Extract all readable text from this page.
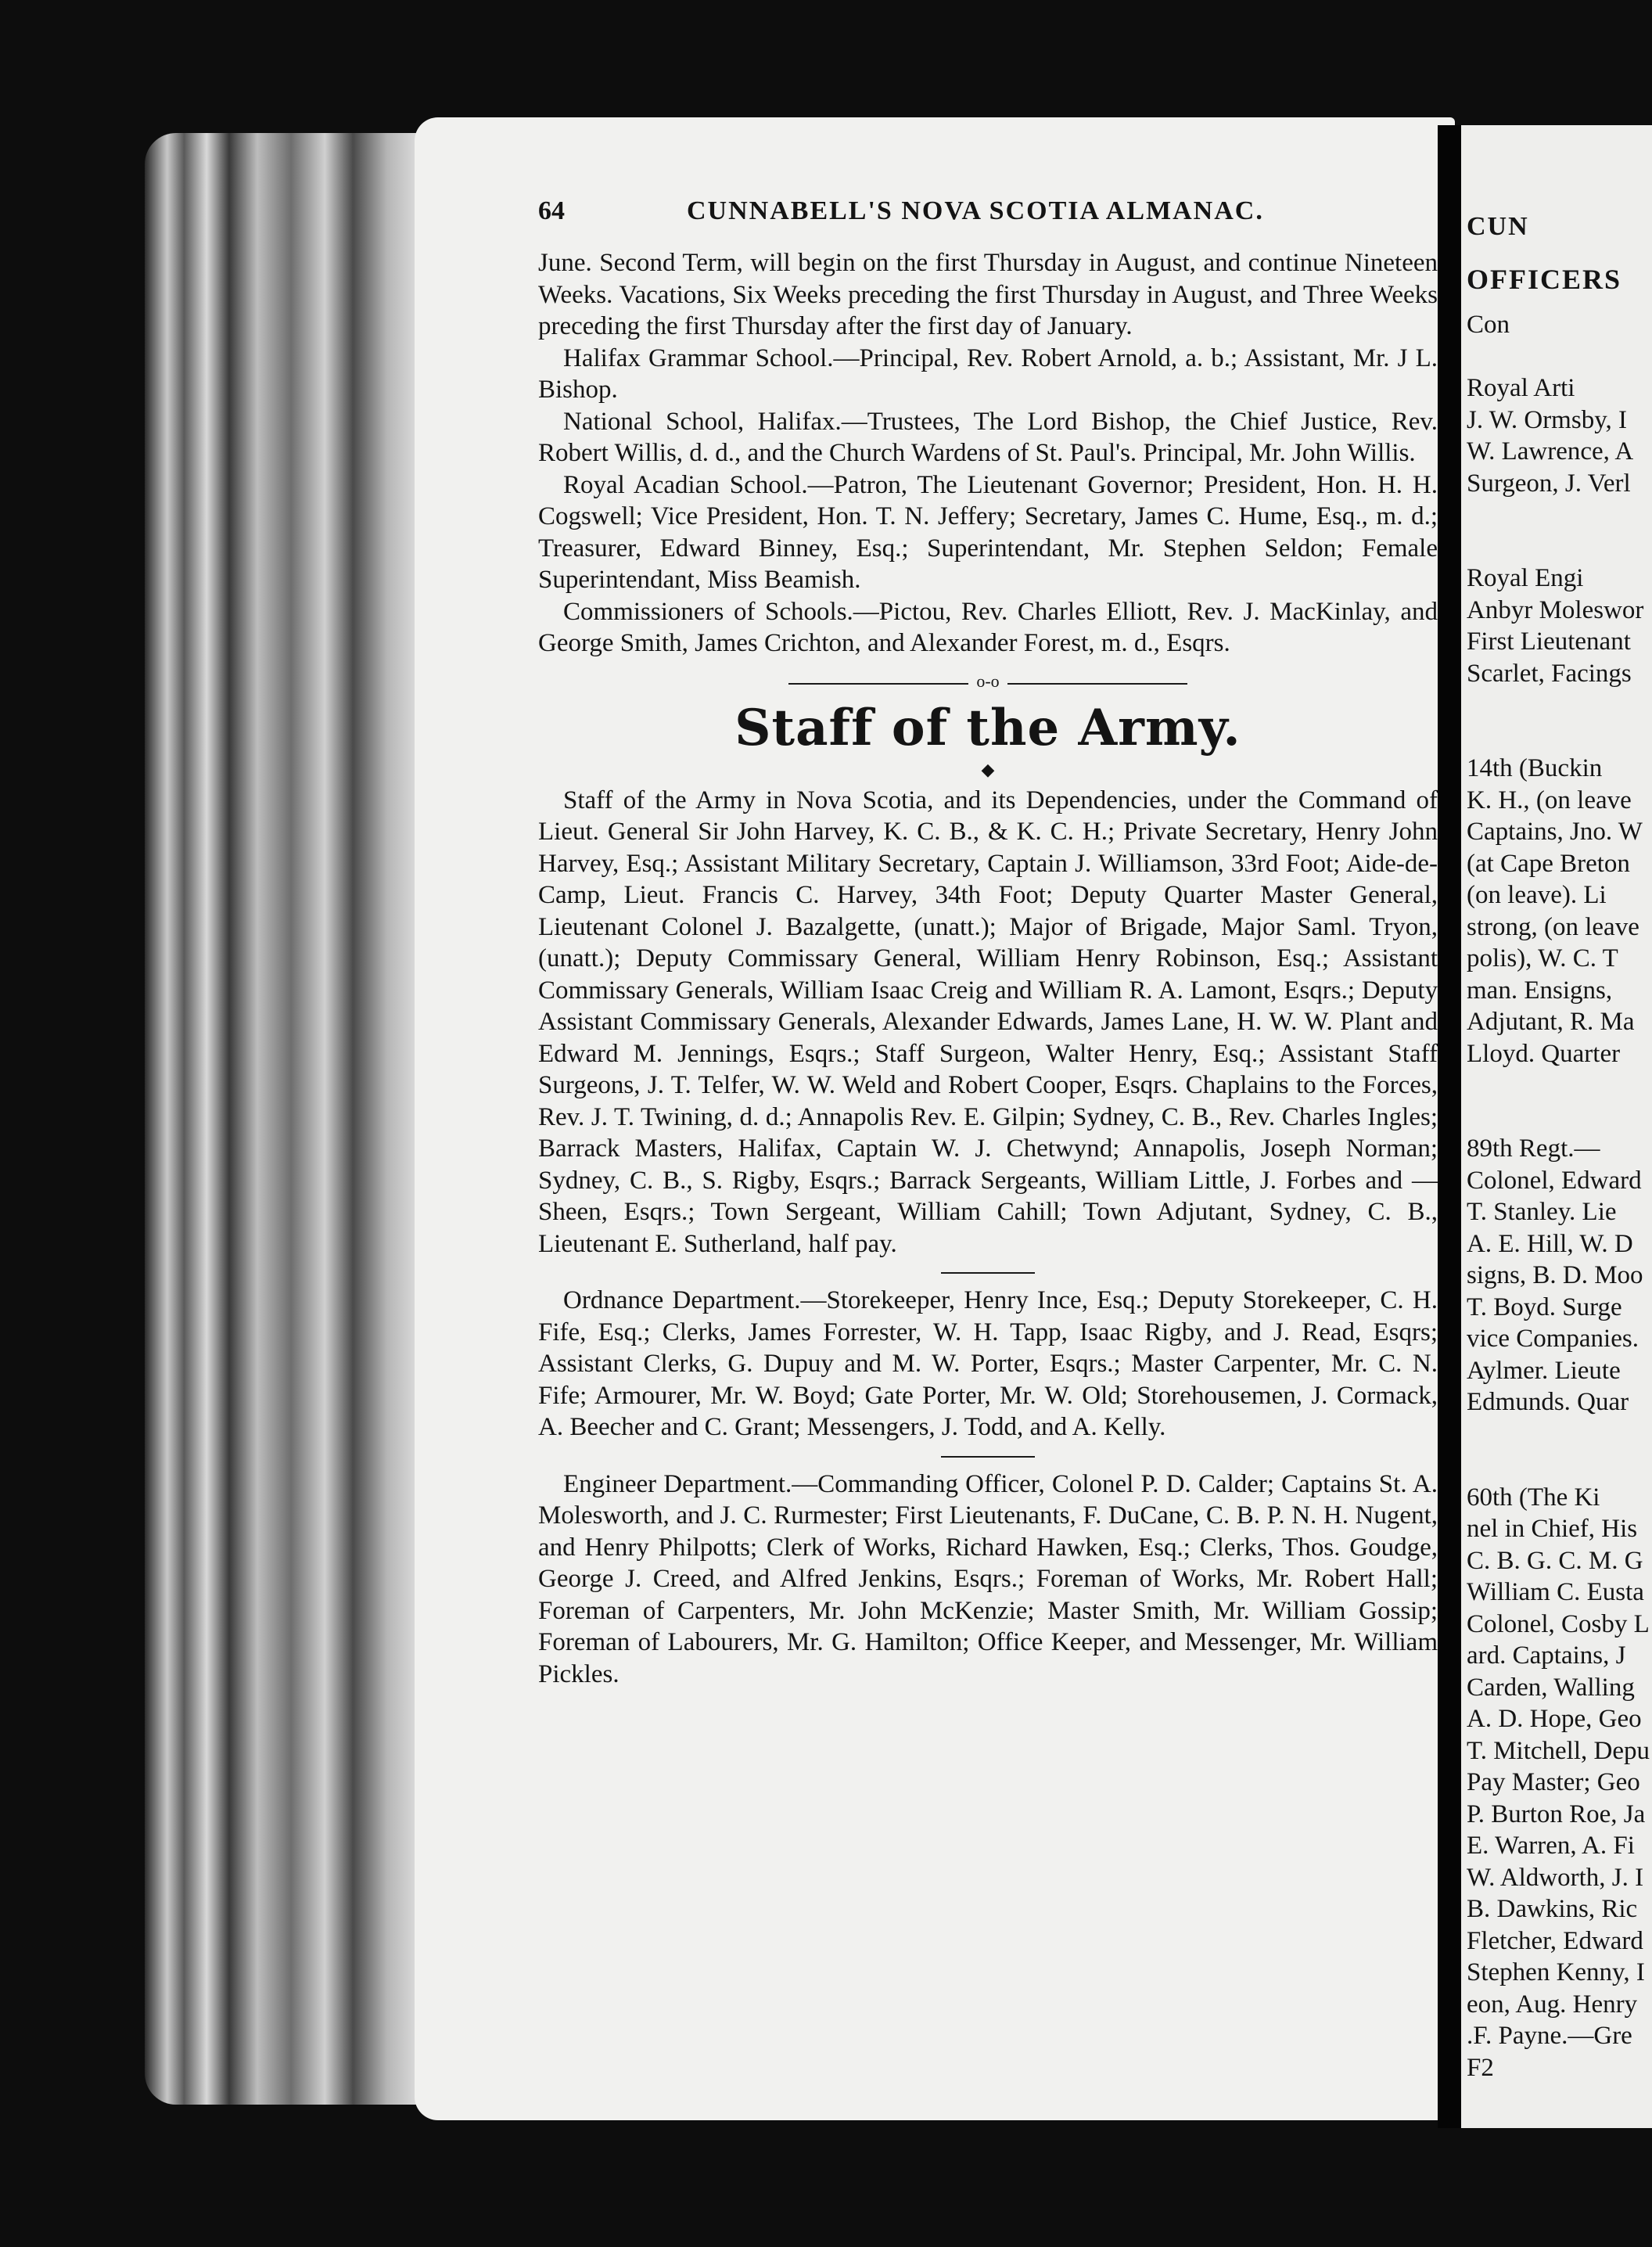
64	CUNNABELL'S NOVA SCOTIA ALMANAC.

June. Second Term, will begin on the first Thursday in August, and continue Nineteen Weeks. Vacations, Six Weeks preceding the first Thursday in August, and Three Weeks preceding the first Thursday after the first day of January.

Halifax Grammar School.—Principal, Rev. Robert Arnold, a. b.; Assistant, Mr. J L. Bishop.

National School, Halifax.—Trustees, The Lord Bishop, the Chief Justice, Rev. Robert Willis, d. d., and the Church Wardens of St. Paul's. Principal, Mr. John Willis.

Royal Acadian School.—Patron, The Lieutenant Governor; President, Hon. H. H. Cogswell; Vice President, Hon. T. N. Jeffery; Secretary, James C. Hume, Esq., m. d.; Treasurer, Edward Binney, Esq.; Superintendant, Mr. Stephen Seldon; Female Superintendant, Miss Beamish.

Commissioners of Schools.—Pictou, Rev. Charles Elliott, Rev. J. MacKinlay, and George Smith, James Crichton, and Alexander Forest, m. d., Esqrs.

o-o
Staff of the Army.
◆

Staff of the Army in Nova Scotia, and its Dependencies, under the Command of Lieut. General Sir John Harvey, K. C. B., & K. C. H.; Private Secretary, Henry John Harvey, Esq.; Assistant Military Secretary, Captain J. Williamson, 33rd Foot; Aide-de-Camp, Lieut. Francis C. Harvey, 34th Foot; Deputy Quarter Master General, Lieutenant Colonel J. Bazalgette, (unatt.); Major of Brigade, Major Saml. Tryon, (unatt.); Deputy Commissary General, William Henry Robinson, Esq.; Assistant Commissary Generals, William Isaac Creig and William R. A. Lamont, Esqrs.; Deputy Assistant Commissary Generals, Alexander Edwards, James Lane, H. W. W. Plant and Edward M. Jennings, Esqrs.; Staff Surgeon, Walter Henry, Esq.; Assistant Staff Surgeons, J. T. Telfer, W. W. Weld and Robert Cooper, Esqrs. Chaplains to the Forces, Rev. J. T. Twining, d. d.; Annapolis Rev. E. Gilpin; Sydney, C. B., Rev. Charles Ingles; Barrack Masters, Halifax, Captain W. J. Chetwynd; Annapolis, Joseph Norman; Sydney, C. B., S. Rigby, Esqrs.; Barrack Sergeants, William Little, J. Forbes and — Sheen, Esqrs.; Town Sergeant, William Cahill; Town Adjutant, Sydney, C. B., Lieutenant E. Sutherland, half pay.

Ordnance Department.—Storekeeper, Henry Ince, Esq.; Deputy Storekeeper, C. H. Fife, Esq.; Clerks, James Forrester, W. H. Tapp, Isaac Rigby, and J. Read, Esqrs; Assistant Clerks, G. Dupuy and M. W. Porter, Esqrs.; Master Carpenter, Mr. C. N. Fife; Armourer, Mr. W. Boyd; Gate Porter, Mr. W. Old; Storehousemen, J. Cormack, A. Beecher and C. Grant; Messengers, J. Todd, and A. Kelly.

Engineer Department.—Commanding Officer, Colonel P. D. Calder; Captains St. A. Molesworth, and J. C. Rurmester; First Lieutenants, F. DuCane, C. B. P. N. H. Nugent, and Henry Philpotts; Clerk of Works, Richard Hawken, Esq.; Clerks, Thos. Goudge, George J. Creed, and Alfred Jenkins, Esqrs.; Foreman of Works, Mr. Robert Hall; Foreman of Carpenters, Mr. John McKenzie; Master Smith, Mr. William Gossip; Foreman of Labourers, Mr. G. Hamilton; Office Keeper, and Messenger, Mr. William Pickles.

CUN
OFFICERS
Con
Royal Arti
J. W. Ormsby, I
W. Lawrence, A
Surgeon, J. Verl
Royal Engi
Anbyr Moleswor
First Lieutenant
Scarlet, Facings
14th (Buckin
K. H., (on leave
Captains, Jno. W
(at Cape Breton
(on leave). Li
strong, (on leave
polis), W. C. T
man. Ensigns,
Adjutant, R. Ma
Lloyd. Quarter
89th Regt.—
Colonel, Edward
T. Stanley. Lie
A. E. Hill, W. D
signs, B. D. Moo
T. Boyd. Surge
vice Companies.
Aylmer. Lieute
Edmunds. Quar
60th (The Ki
nel in Chief, His
C. B. G. C. M. G
William C. Eusta
Colonel, Cosby L
ard. Captains, J
Carden, Walling
A. D. Hope, Geo
T. Mitchell, Depu
Pay Master; Geo
P. Burton Roe, Ja
E. Warren, A. Fi
W. Aldworth, J. I
B. Dawkins, Ric
Fletcher, Edward
Stephen Kenny, I
eon, Aug. Henry
.F. Payne.—Gre
F2
